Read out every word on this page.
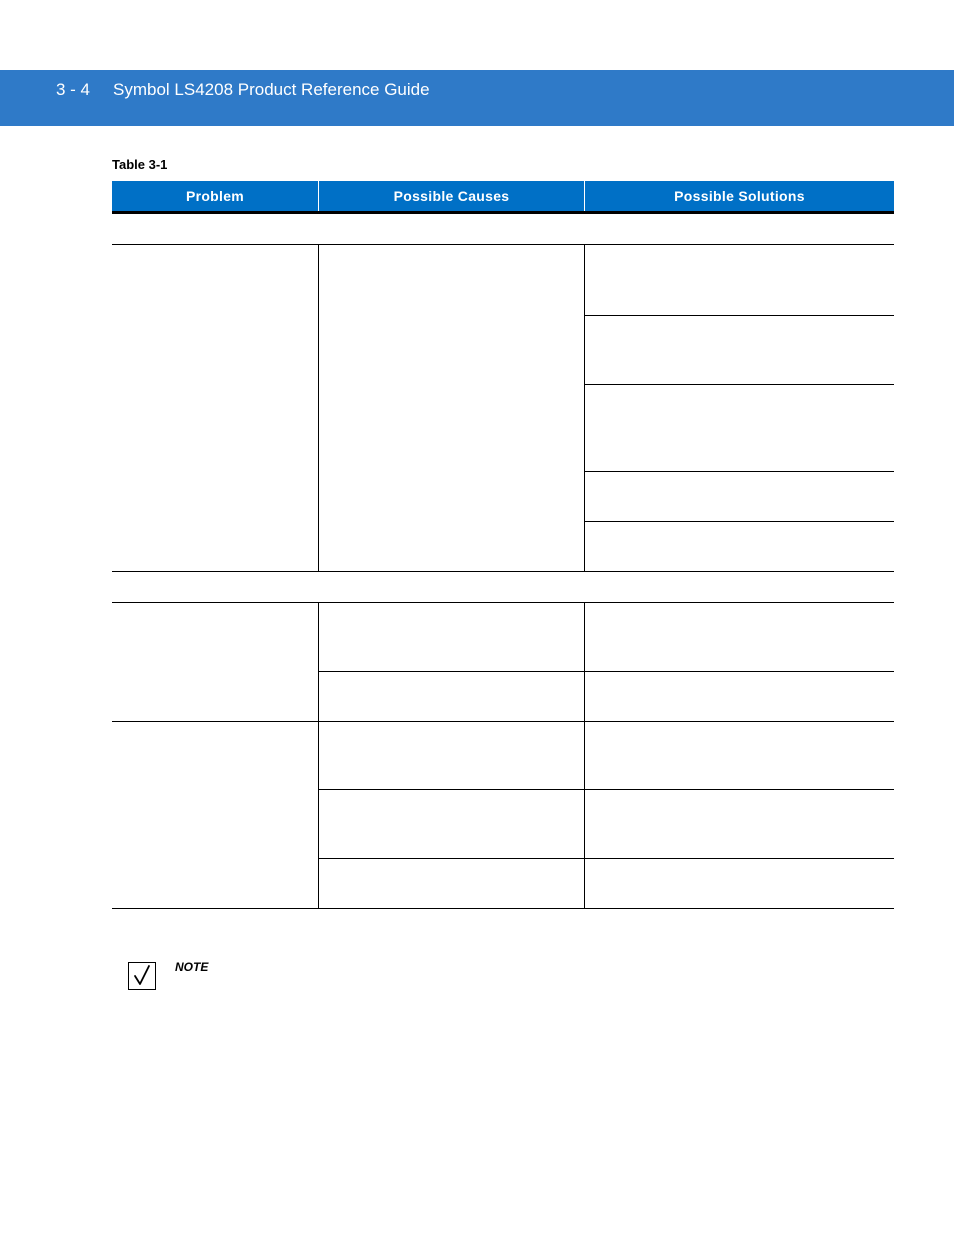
3 - 4 Symbol LS4208 Product Reference Guide
Table 3-1
Problem	Possible Causes	Possible Solutions
NOTE
